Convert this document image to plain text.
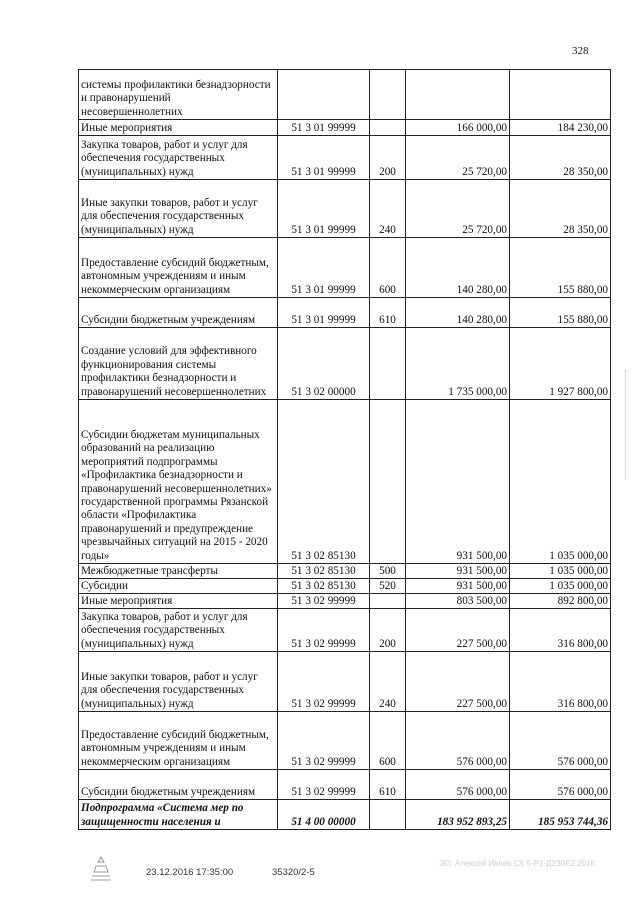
328
системы профилактики безнадзорности и правонарушений несовершеннолетних				
Иные мероприятия	51 3 01 99999		166 000,00	184 230,00
Закупка товаров, работ и услуг для обеспечения государственных (муниципальных) нужд	51 3 01 99999	200	25 720,00	28 350,00
Иные закупки товаров, работ и услуг для обеспечения государственных (муниципальных) нужд	51 3 01 99999	240	25 720,00	28 350,00
Предоставление субсидий бюджетным, автономным учреждениям и иным некоммерческим организациям	51 3 01 99999	600	140 280,00	155 880,00
Субсидии бюджетным учреждениям	51 3 01 99999	610	140 280,00	155 880,00
Создание условий для эффективного функционирования системы профилактики безнадзорности и правонарушений несовершеннолетних	51 3 02 00000		1 735 000,00	1 927 800,00
Субсидии бюджетам муниципальных образований на реализацию мероприятий подпрограммы «Профилактика безнадзорности и правонарушений несовершеннолетних» государственной программы Рязанской области «Профилактика правонарушений и предупреждение чрезвычайных ситуаций на 2015 - 2020 годы»	51 3 02 85130		931 500,00	1 035 000,00
Межбюджетные трансферты	51 3 02 85130	500	931 500,00	1 035 000,00
Субсидии	51 3 02 85130	520	931 500,00	1 035 000,00
Иные мероприятия	51 3 02 99999		803 500,00	892 800,00
Закупка товаров, работ и услуг для обеспечения государственных (муниципальных) нужд	51 3 02 99999	200	227 500,00	316 800,00
Иные закупки товаров, работ и услуг для обеспечения государственных (муниципальных) нужд	51 3 02 99999	240	227 500,00	316 800,00
Предоставление субсидий бюджетным, автономным учреждениям и иным некоммерческим организациям	51 3 02 99999	600	576 000,00	576 000,00
Субсидии бюджетным учреждениям	51 3 02 99999	610	576 000,00	576 000,00
Подпрограмма «Система мер по защищенности населения и	51 4 00 00000		183 952 893,25	185 953 744,36
23.12.2016 17:35:00	35320/2-5
ЭП: Алексей Ивлев СХ 5-Р1-Д2З0Е2 2016
